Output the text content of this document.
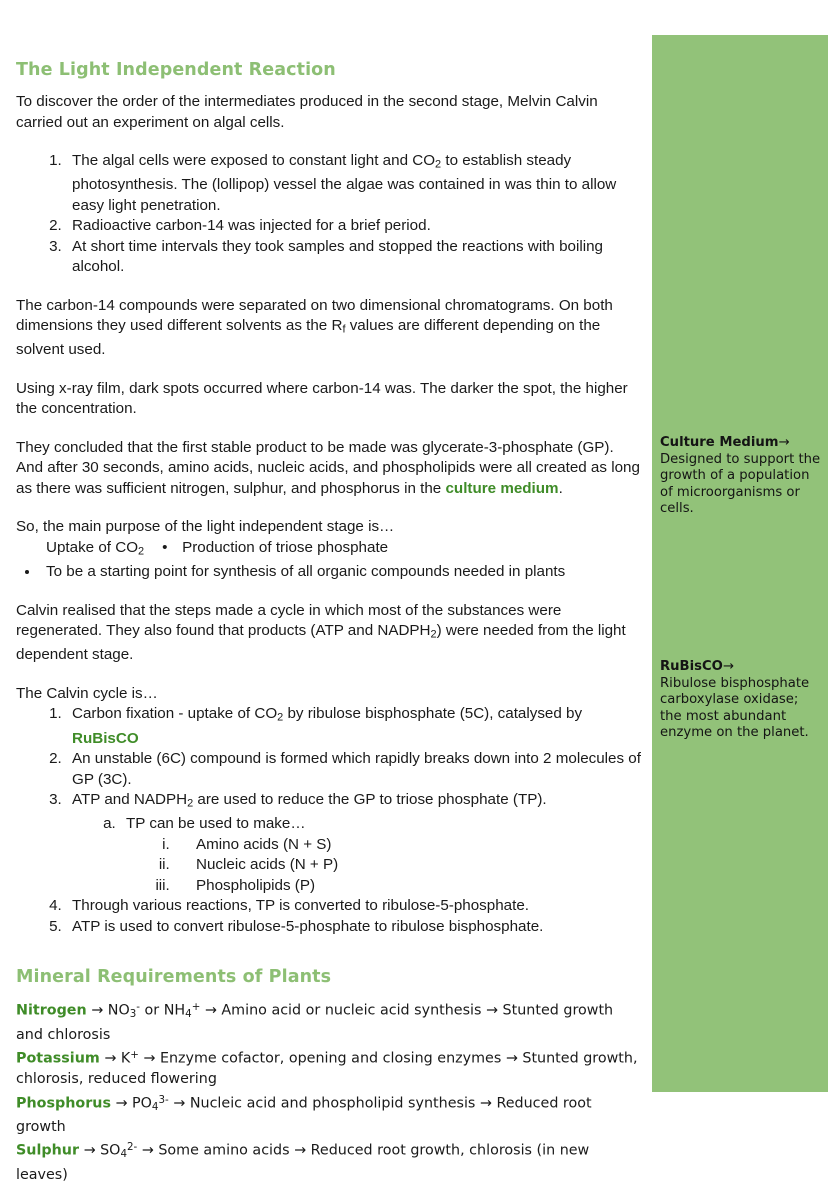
Culture Medium→
Designed to support the growth of a population of microorganisms or cells.
RuBisCO→
Ribulose bisphosphate carboxylase oxidase; the most abundant enzyme on the planet.
The Light Independent Reaction

To discover the order of the intermediates produced in the second stage, Melvin Calvin carried out an experiment on algal cells.

1. The algal cells were exposed to constant light and $CO_2$ to establish steady photosynthesis. The (lollipop) vessel the algae was contained in was thin to allow easy light penetration.
2. Radioactive carbon-14 was injected for a brief period.
3. At short time intervals they took samples and stopped the reactions with boiling alcohol.

The carbon-14 compounds were separated on two dimensional chromatograms. On both dimensions they used different solvents as the $R_f$ values are different depending on the solvent used.

Using x-ray film, dark spots occurred where carbon-14 was. The darker the spot, the higher the concentration.

They concluded that the first stable product to be made was glycerate-3-phosphate (GP). And after 30 seconds, amino acids, nucleic acids, and phospholipids were all created as long as there was sufficient nitrogen, sulphur, and phosphorus in the culture medium.

So, the main purpose of the light independent stage is…

Uptake of $CO_2$	• Production of triose phosphate
• To be a starting point for synthesis of all organic compounds needed in plants

Calvin realised that the steps made a cycle in which most of the substances were regenerated. They also found that products (ATP and $NADPH_2$) were needed from the light dependent stage.

The Calvin cycle is…

1. Carbon fixation - uptake of $CO_2$ by ribulose bisphosphate (5C), catalysed by RuBisCO
2. An unstable (6C) compound is formed which rapidly breaks down into 2 molecules of GP (3C).
3. ATP and $NADPH_2$ are used to reduce the GP to triose phosphate (TP).
a. TP can be used to make…
i. Amino acids (N + S)
ii. Nucleic acids (N + P)
iii. Phospholipids (P)
4. Through various reactions, TP is converted to ribulose-5-phosphate.
5. ATP is used to convert ribulose-5-phosphate to ribulose bisphosphate.
Mineral Requirements of Plants

Nitrogen → $NO_3^-$ or $NH_4^+ \to Amino$ acid or nucleic acid synthesis → Stunted growth and chlorosis

Potassium → K+ → Enzyme cofactor, opening and closing enzymes → Stunted growth, chlorosis, reduced flowering

Phosphorus → $PO_4^{3-}$ → Nucleic acid and phospholipid synthesis → Reduced root growth

Sulphur → $SO_4^{2-}$ → Some amino acids → Reduced root growth, chlorosis (in new leaves)
